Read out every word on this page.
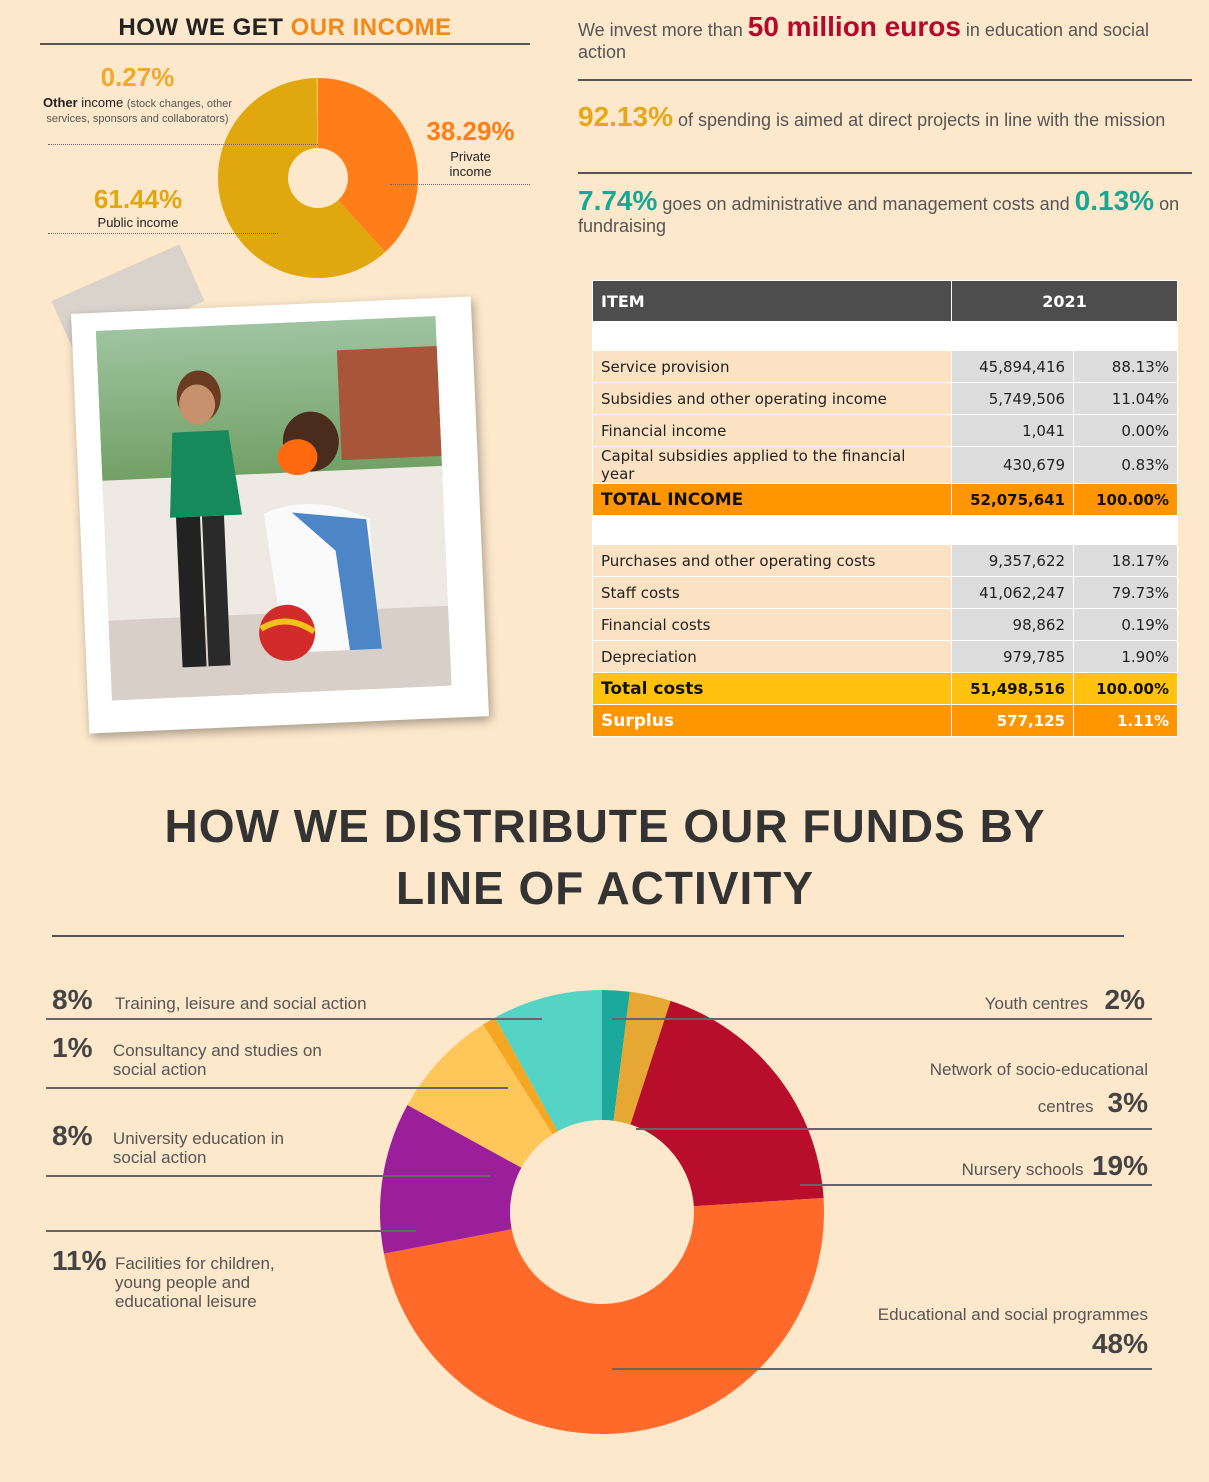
HOW WE GET OUR INCOME
0.27%
Other income (stock changes, other services, sponsors and collaborators)
61.44%
Public income
38.29%
Private income
We invest more than 50 million euros in education and social action
92.13% of spending is aimed at direct projects in line with the mission
7.74% goes on administrative and management costs and 0.13% on fundraising
ITEM	2021	

Service provision	45,894,416	88.13%
Subsidies and other operating income	5,749,506	11.04%
Financial income	1,041	0.00%
Capital subsidies applied to the financial year	430,679	0.83%
TOTAL INCOME	52,075,641	100.00%

Purchases and other operating costs	9,357,622	18.17%
Staff costs	41,062,247	79.73%
Financial costs	98,862	0.19%
Depreciation	979,785	1.90%
Total costs	51,498,516	100.00%
Surplus	577,125	1.11%
HOW WE DISTRIBUTE OUR FUNDS BY
LINE OF ACTIVITY
8% Training, leisure and social action
1% Consultancy and studies on
social action
8% University education in
social action
11% Facilities for children,
young people and
educational leisure
Youth centres 2%
Network of socio-educational
centres 3%
Nursery schools 19%
Educational and social programmes
48%
